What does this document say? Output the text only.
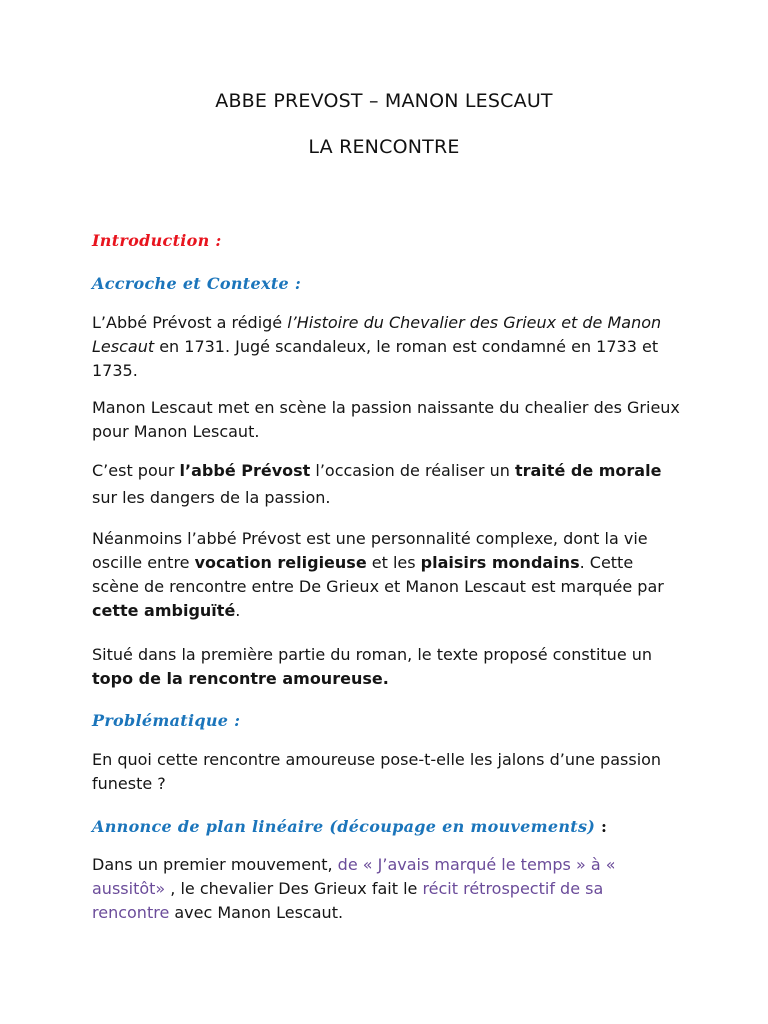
ABBE PREVOST – MANON LESCAUT
LA RENCONTRE
Introduction :
Accroche et Contexte :
L’Abbé Prévost a rédigé l’Histoire du Chevalier des Grieux et de Manon Lescaut en 1731. Jugé scandaleux, le roman est condamné en 1733 et 1735.
Manon Lescaut met en scène la passion naissante du chealier des Grieux pour Manon Lescaut.
C’est pour l’abbé Prévost l’occasion de réaliser un traité de morale sur les dangers de la passion.
Néanmoins l’abbé Prévost est une personnalité complexe, dont la vie oscille entre vocation religieuse et les plaisirs mondains. Cette scène de rencontre entre De Grieux et Manon Lescaut est marquée par cette ambiguïté.
Situé dans la première partie du roman, le texte proposé constitue un topo de la rencontre amoureuse.
Problématique :
En quoi cette rencontre amoureuse pose-t-elle les jalons d’une passion funeste ?
Annonce de plan linéaire (découpage en mouvements) :
Dans un premier mouvement, de « J’avais marqué le temps » à « aussitôt» , le chevalier Des Grieux fait le récit rétrospectif de sa rencontre avec Manon Lescaut.
